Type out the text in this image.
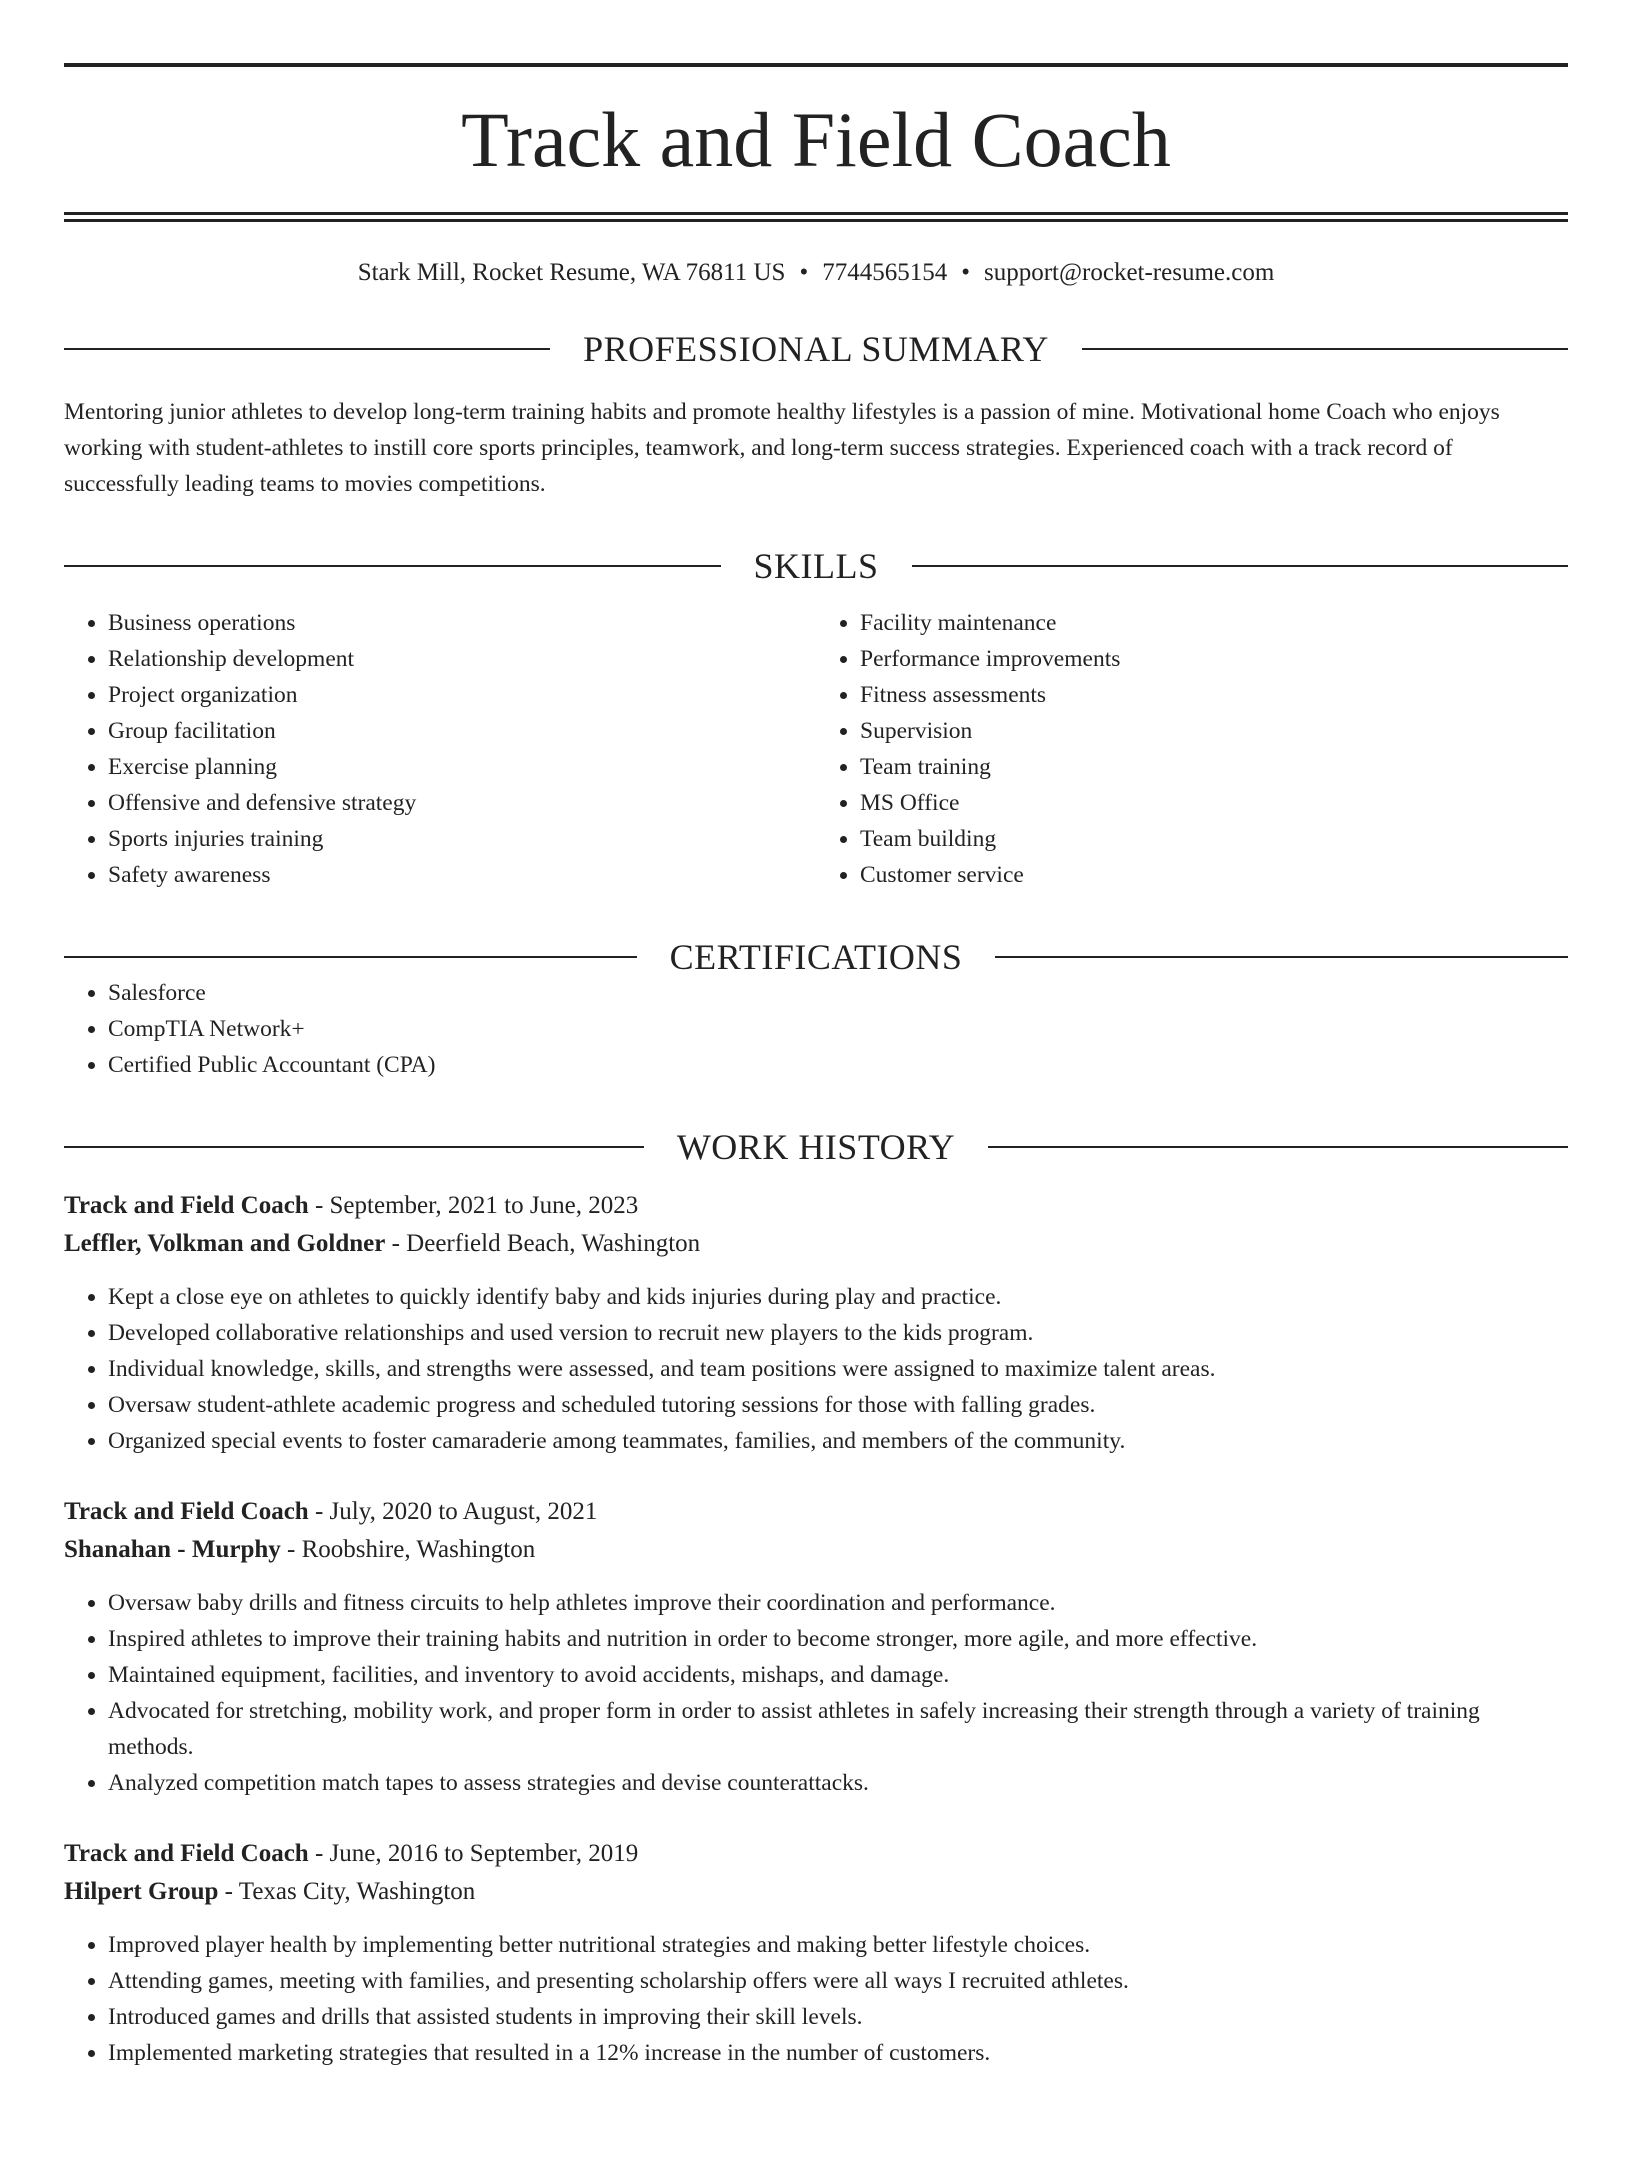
Track and Field Coach
Stark Mill, Rocket Resume, WA 76811 US • 7744565154 • support@rocket-resume.com
PROFESSIONAL SUMMARY
Mentoring junior athletes to develop long-term training habits and promote healthy lifestyles is a passion of mine. Motivational home Coach who enjoys working with student-athletes to instill core sports principles, teamwork, and long-term success strategies. Experienced coach with a track record of successfully leading teams to movies competitions.
SKILLS
• Business operations
• Relationship development
• Project organization
• Group facilitation
• Exercise planning
• Offensive and defensive strategy
• Sports injuries training
• Safety awareness
• Facility maintenance
• Performance improvements
• Fitness assessments
• Supervision
• Team training
• MS Office
• Team building
• Customer service
CERTIFICATIONS
• Salesforce
• CompTIA Network+
• Certified Public Accountant (CPA)
WORK HISTORY
Track and Field Coach - September, 2021 to June, 2023
Leffler, Volkman and Goldner - Deerfield Beach, Washington
• Kept a close eye on athletes to quickly identify baby and kids injuries during play and practice.
• Developed collaborative relationships and used version to recruit new players to the kids program.
• Individual knowledge, skills, and strengths were assessed, and team positions were assigned to maximize talent areas.
• Oversaw student-athlete academic progress and scheduled tutoring sessions for those with falling grades.
• Organized special events to foster camaraderie among teammates, families, and members of the community.
Track and Field Coach - July, 2020 to August, 2021
Shanahan - Murphy - Roobshire, Washington
• Oversaw baby drills and fitness circuits to help athletes improve their coordination and performance.
• Inspired athletes to improve their training habits and nutrition in order to become stronger, more agile, and more effective.
• Maintained equipment, facilities, and inventory to avoid accidents, mishaps, and damage.
• Advocated for stretching, mobility work, and proper form in order to assist athletes in safely increasing their strength through a variety of training methods.
• Analyzed competition match tapes to assess strategies and devise counterattacks.
Track and Field Coach - June, 2016 to September, 2019
Hilpert Group - Texas City, Washington
• Improved player health by implementing better nutritional strategies and making better lifestyle choices.
• Attending games, meeting with families, and presenting scholarship offers were all ways I recruited athletes.
• Introduced games and drills that assisted students in improving their skill levels.
• Implemented marketing strategies that resulted in a 12% increase in the number of customers.
